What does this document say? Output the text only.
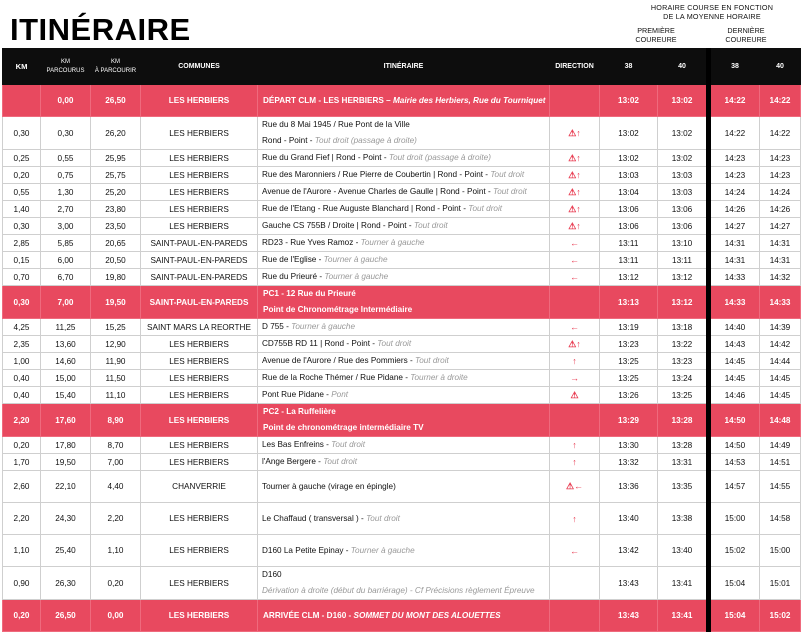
ITINÉRAIRE
HORAIRE COURSE EN FONCTION
DE LA MOYENNE HORAIRE
PREMIÈRE
COUREURE
DERNIÈRE
COUREURE
KM	KM
PARCOURUS	KM
À PARCOURIR	COMMUNES	ITINÉRAIRE	DIRECTION	38	40	38	40
	0,00	26,50	LES HERBIERS	DÉPART CLM - LES HERBIERS – Mairie des Herbiers, Rue du Tourniquet		13:02	13:02	14:22	14:22
0,30	0,30	26,20	LES HERBIERS	Rue du 8 Mai 1945 / Rue Pont de la Ville
Rond - Point - Tout droit (passage à droite)	⚠↑	13:02	13:02	14:22	14:22
0,25	0,55	25,95	LES HERBIERS	Rue du Grand Fief | Rond - Point - Tout droit (passage à droite)	⚠↑	13:02	13:02	14:23	14:23
0,20	0,75	25,75	LES HERBIERS	Rue des Maronniers / Rue Pierre de Coubertin | Rond - Point - Tout droit	⚠↑	13:03	13:03	14:23	14:23
0,55	1,30	25,20	LES HERBIERS	Avenue de l'Aurore - Avenue Charles de Gaulle | Rond - Point - Tout droit	⚠↑	13:04	13:03	14:24	14:24
1,40	2,70	23,80	LES HERBIERS	Rue de l'Etang - Rue Auguste Blanchard | Rond - Point - Tout droit	⚠↑	13:06	13:06	14:26	14:26
0,30	3,00	23,50	LES HERBIERS	Gauche CS 755B / Droite | Rond - Point - Tout droit	⚠↑	13:06	13:06	14:27	14:27
2,85	5,85	20,65	SAINT-PAUL-EN-PAREDS	RD23 - Rue Yves Ramoz - Tourner à gauche	←	13:11	13:10	14:31	14:31
0,15	6,00	20,50	SAINT-PAUL-EN-PAREDS	Rue de l'Eglise - Tourner à gauche	←	13:11	13:11	14:31	14:31
0,70	6,70	19,80	SAINT-PAUL-EN-PAREDS	Rue du Prieuré - Tourner à gauche	←	13:12	13:12	14:33	14:32
0,30	7,00	19,50	SAINT-PAUL-EN-PAREDS	PC1 - 12 Rue du Prieuré
Point de Chronométrage Intermédiaire		13:13	13:12	14:33	14:33
4,25	11,25	15,25	SAINT MARS LA REORTHE	D 755 - Tourner à gauche	←	13:19	13:18	14:40	14:39
2,35	13,60	12,90	LES HERBIERS	CD755B RD 11 | Rond - Point - Tout droit	⚠↑	13:23	13:22	14:43	14:42
1,00	14,60	11,90	LES HERBIERS	Avenue de l'Aurore / Rue des Pommiers - Tout droit	↑	13:25	13:23	14:45	14:44
0,40	15,00	11,50	LES HERBIERS	Rue de la Roche Thémer / Rue Pidane - Tourner à droite	→	13:25	13:24	14:45	14:45
0,40	15,40	11,10	LES HERBIERS	Pont Rue Pidane - Pont	⚠	13:26	13:25	14:46	14:45
2,20	17,60	8,90	LES HERBIERS	PC2 - La Ruffelière
Point de chronométrage intermédiaire TV		13:29	13:28	14:50	14:48
0,20	17,80	8,70	LES HERBIERS	Les Bas Enfreins - Tout droit	↑	13:30	13:28	14:50	14:49
1,70	19,50	7,00	LES HERBIERS	l'Ange Bergere - Tout droit	↑	13:32	13:31	14:53	14:51
2,60	22,10	4,40	CHANVERRIE	Tourner à gauche (virage en épingle)	⚠←	13:36	13:35	14:57	14:55
2,20	24,30	2,20	LES HERBIERS	Le Chaffaud ( transversal ) - Tout droit	↑	13:40	13:38	15:00	14:58
1,10	25,40	1,10	LES HERBIERS	D160 La Petite Epinay - Tourner à gauche	←	13:42	13:40	15:02	15:00
0,90	26,30	0,20	LES HERBIERS	D160
Dérivation à droite (début du barriérage) - Cf Précisions règlement Épreuve		13:43	13:41	15:04	15:01
0,20	26,50	0,00	LES HERBIERS	ARRIVÉE CLM - D160 - SOMMET DU MONT DES ALOUETTES		13:43	13:41	15:04	15:02
